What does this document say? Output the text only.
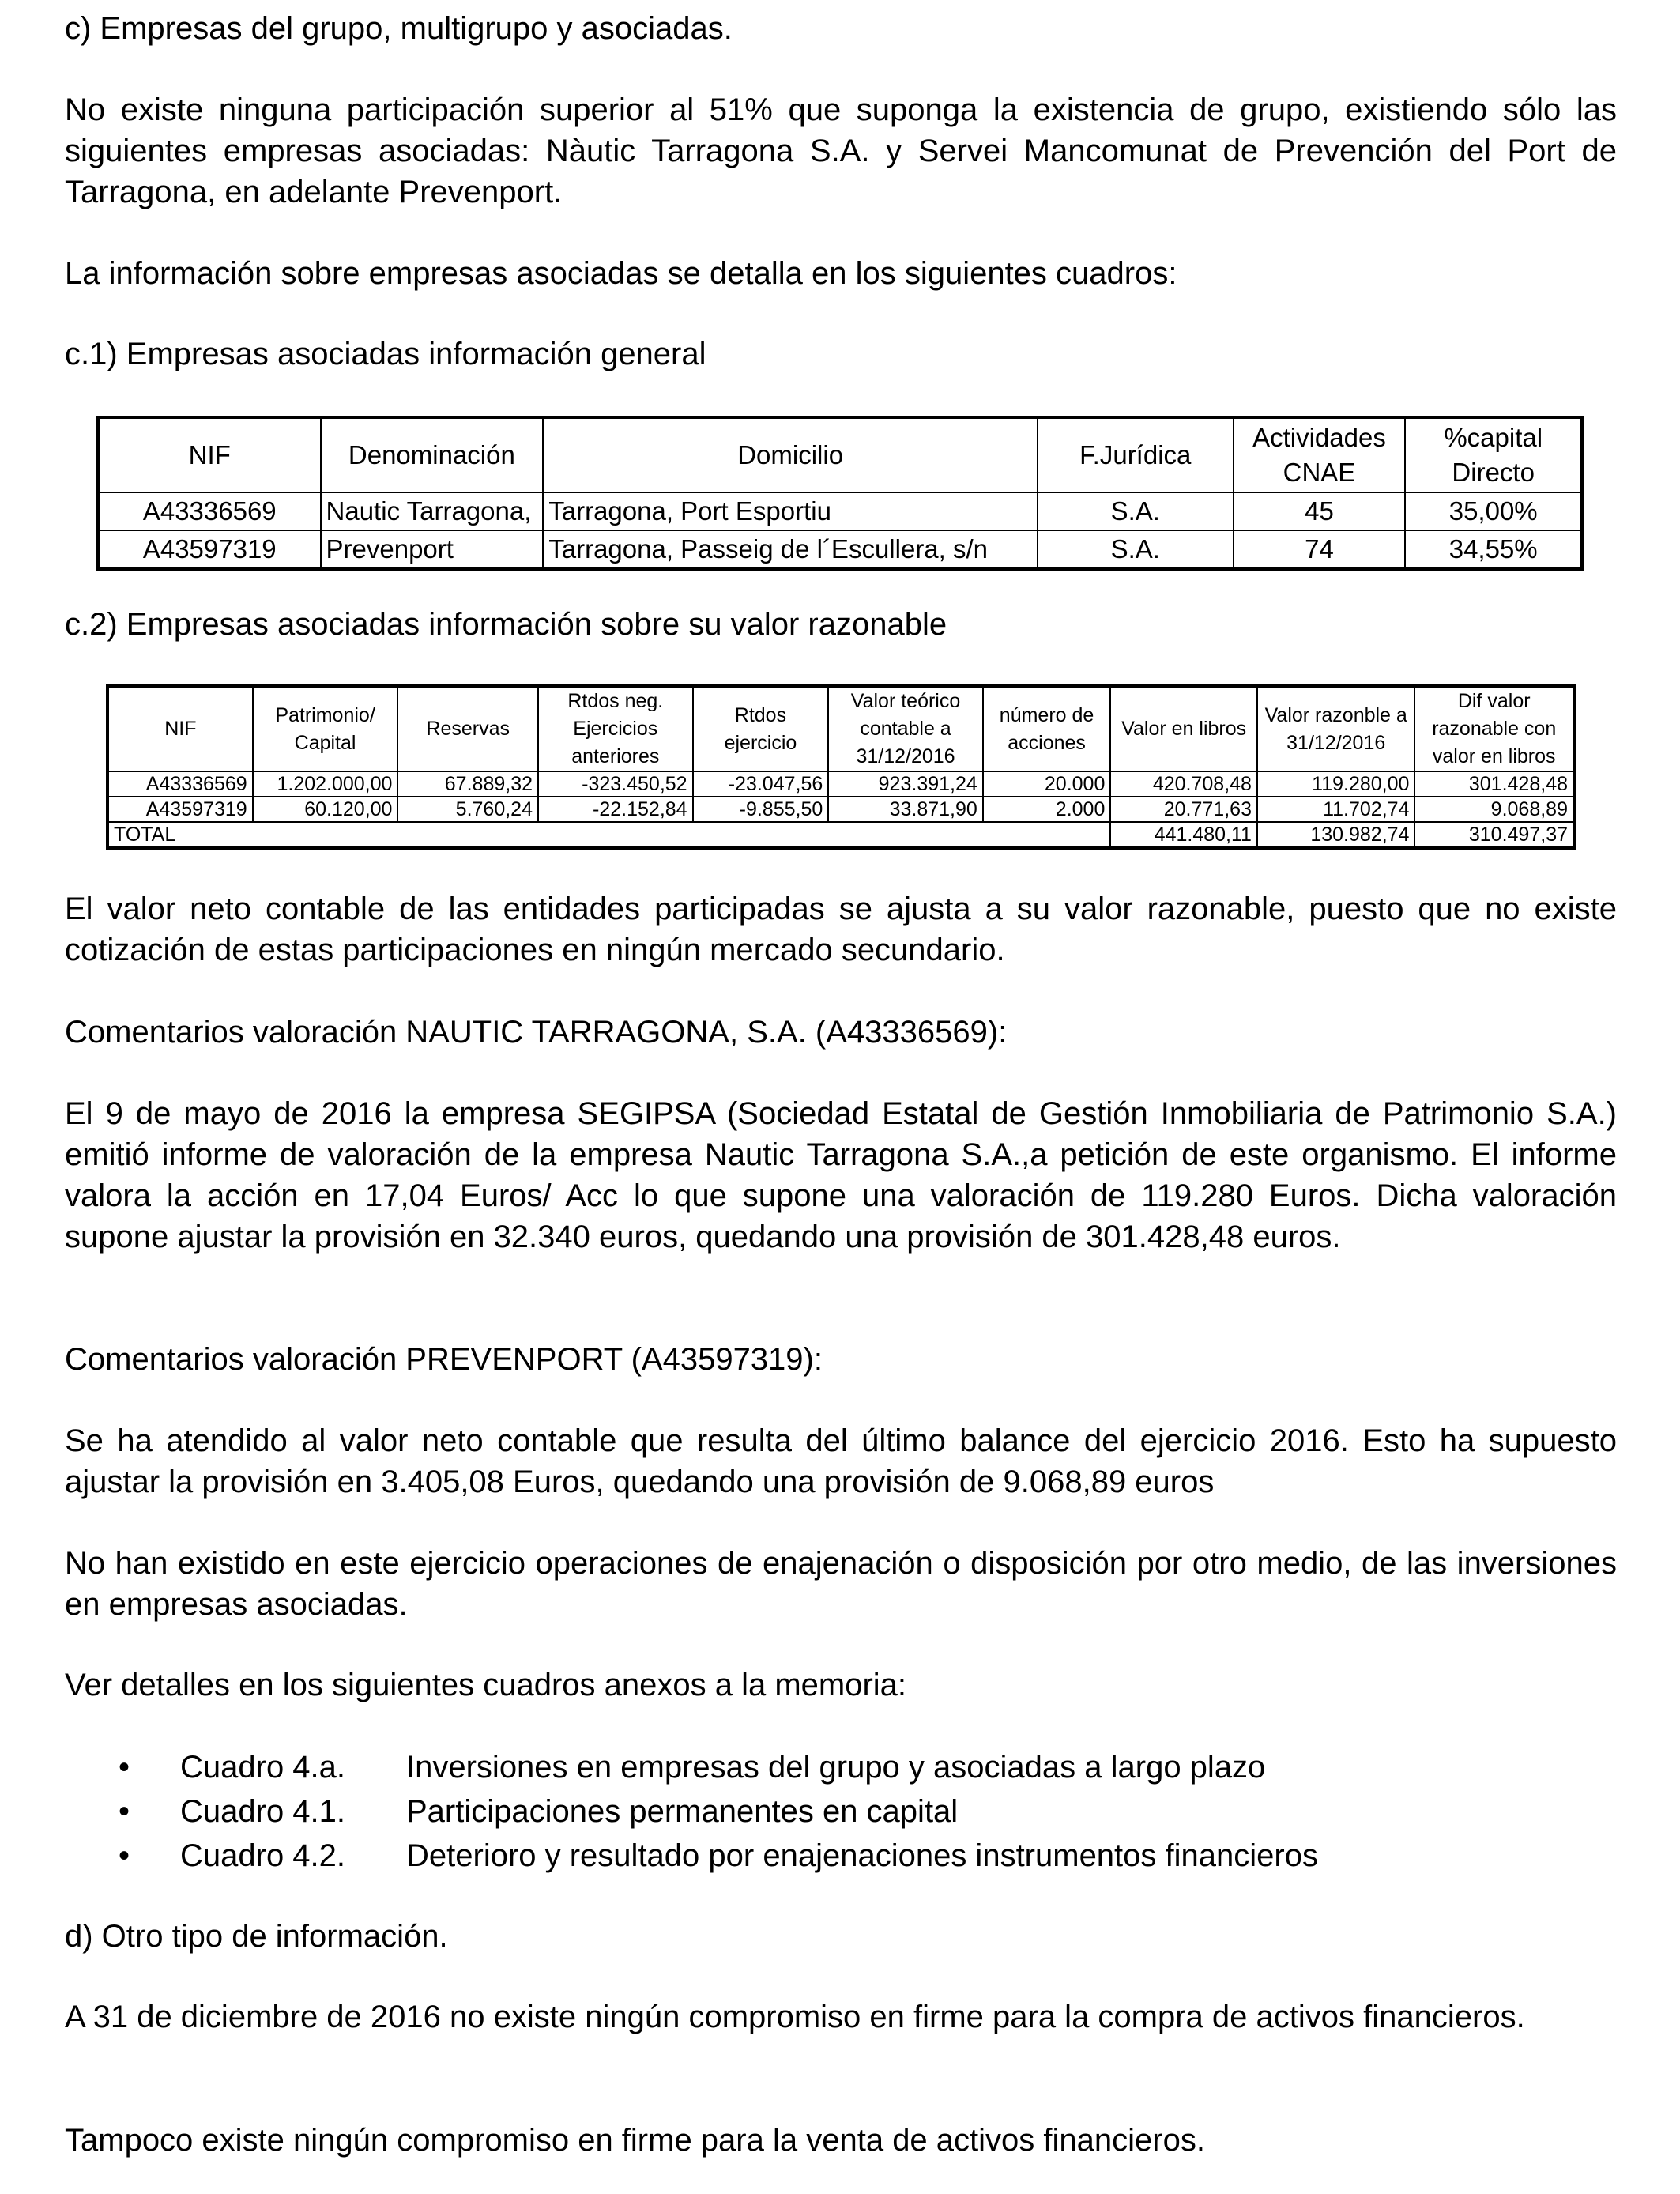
c) Empresas del grupo, multigrupo y asociadas.

No existe ninguna participación superior al 51% que suponga la existencia de grupo, existiendo sólo las siguientes empresas asociadas: Nàutic Tarragona S.A. y Servei Mancomunat de Prevención del Port de Tarragona, en adelante Prevenport.

La información sobre empresas asociadas se detalla en los siguientes cuadros:

c.1) Empresas asociadas información general

NIF	Denominación	Domicilio	F.Jurídica	Actividades CNAE	%capital Directo
A43336569	Nautic Tarragona,	Tarragona, Port Esportiu	S.A.	45	35,00%
A43597319	Prevenport	Tarragona, Passeig de l´Escullera, s/n	S.A.	74	34,55%

c.2) Empresas asociadas información sobre su valor razonable

NIF	Patrimonio/ Capital	Reservas	Rtdos neg. Ejercicios anteriores	Rtdos ejercicio	Valor teórico contable a 31/12/2016	número de acciones	Valor en libros	Valor razonble a 31/12/2016	Dif valor razonable con valor en libros
A43336569	1.202.000,00	67.889,32	-323.450,52	-23.047,56	923.391,24	20.000	420.708,48	119.280,00	301.428,48
A43597319	60.120,00	5.760,24	-22.152,84	-9.855,50	33.871,90	2.000	20.771,63	11.702,74	9.068,89
TOTAL							441.480,11	130.982,74	310.497,37

El valor neto contable de las entidades participadas se ajusta a su valor razonable, puesto que no existe cotización de estas participaciones en ningún mercado secundario.

Comentarios valoración NAUTIC TARRAGONA, S.A. (A43336569):

El 9 de mayo de 2016 la empresa SEGIPSA (Sociedad Estatal de Gestión Inmobiliaria de Patrimonio S.A.) emitió informe de valoración de la empresa Nautic Tarragona S.A.,a petición de este organismo. El informe valora la acción en 17,04 Euros/ Acc lo que supone una valoración de 119.280 Euros. Dicha valoración supone ajustar la provisión en 32.340 euros, quedando una provisión de 301.428,48 euros.

Comentarios valoración PREVENPORT (A43597319):

Se ha atendido al valor neto contable que resulta del último balance del ejercicio 2016. Esto ha supuesto ajustar la provisión en 3.405,08 Euros, quedando una provisión de 9.068,89 euros

No han existido en este ejercicio operaciones de enajenación o disposición por otro medio, de las inversiones en empresas asociadas.

Ver detalles en los siguientes cuadros anexos a la memoria:

• Cuadro 4.a. Inversiones en empresas del grupo y asociadas a largo plazo
• Cuadro 4.1. Participaciones permanentes en capital
• Cuadro 4.2. Deterioro y resultado por enajenaciones instrumentos financieros

d) Otro tipo de información.

A 31 de diciembre de 2016 no existe ningún compromiso en firme para la compra de activos financieros.

Tampoco existe ningún compromiso en firme para la venta de activos financieros.
